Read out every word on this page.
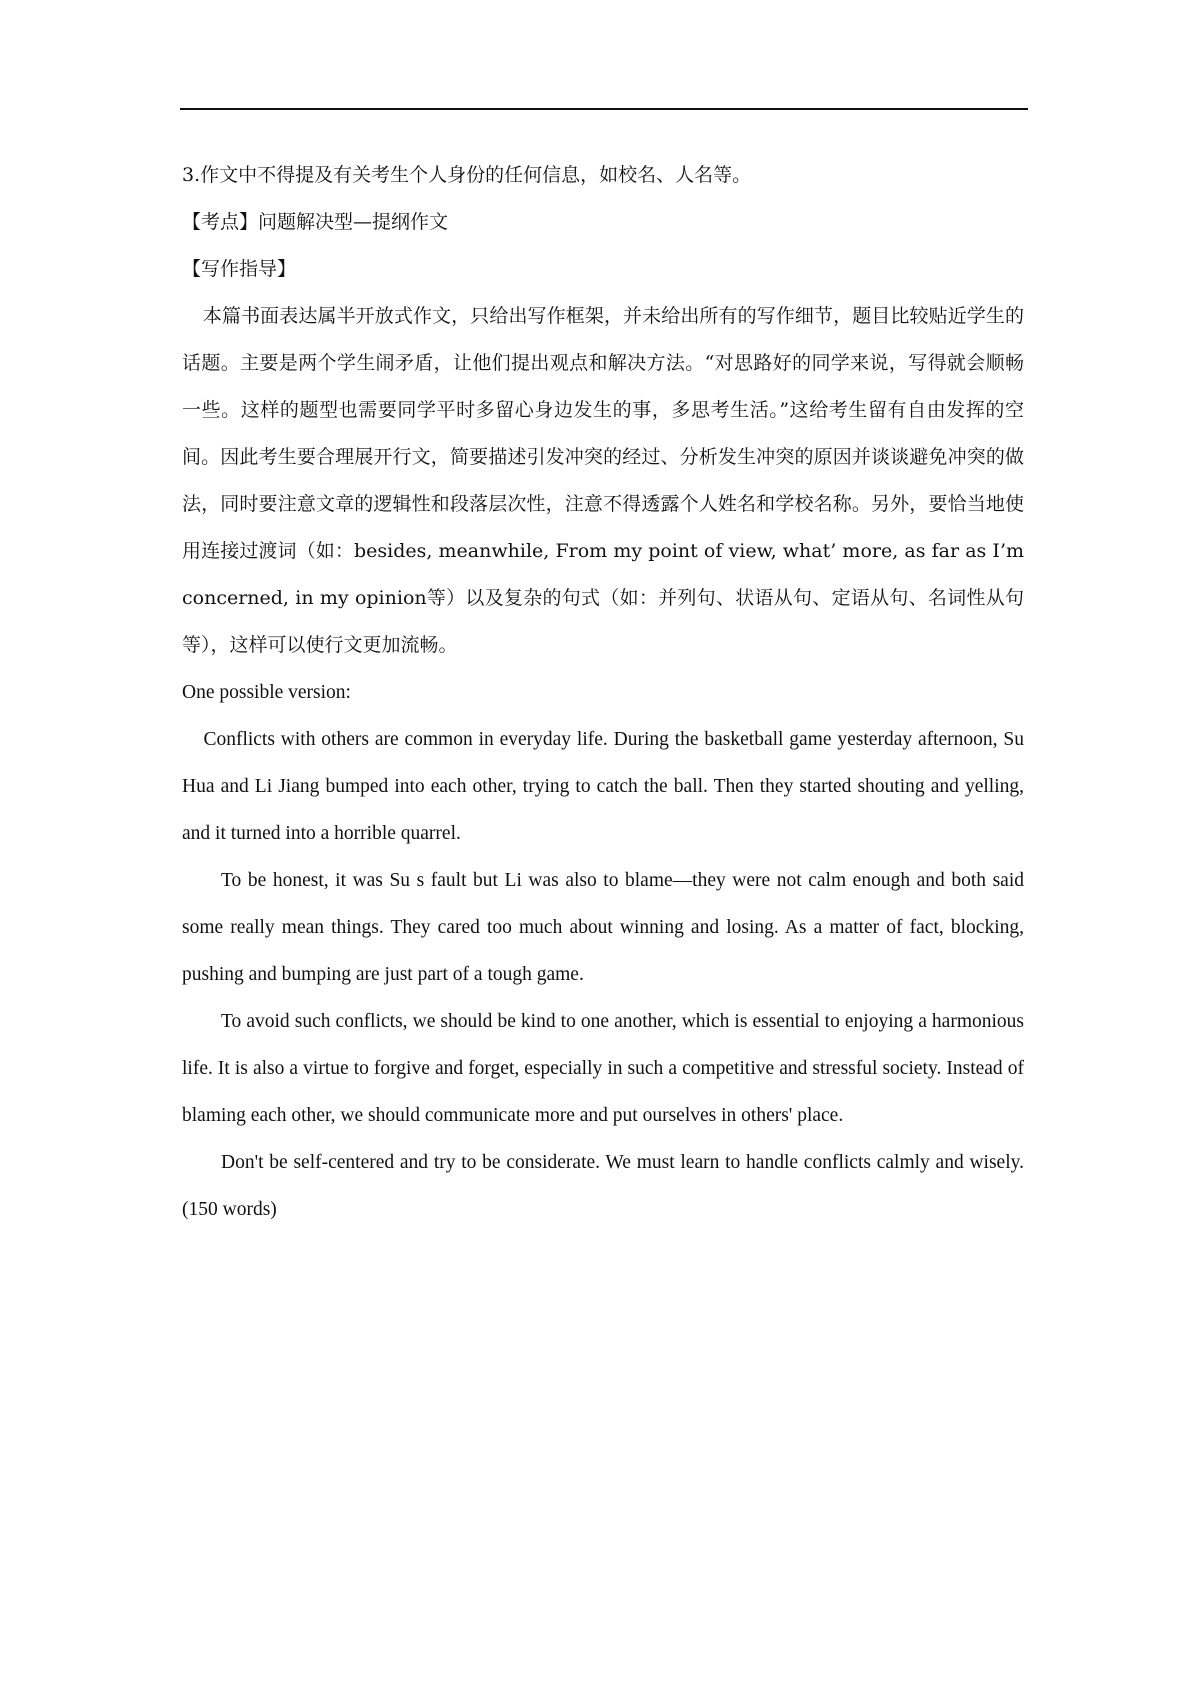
3.作文中不得提及有关考生个人身份的任何信息，如校名、人名等。

【考点】问题解决型—提纲作文

【写作指导】

本篇书面表达属半开放式作文，只给出写作框架，并未给出所有的写作细节，题目比较贴近学生的话题。主要是两个学生闹矛盾，让他们提出观点和解决方法。“对思路好的同学来说，写得就会顺畅一些。这样的题型也需要同学平时多留心身边发生的事，多思考生活。”这给考生留有自由发挥的空间。因此考生要合理展开行文，简要描述引发冲突的经过、分析发生冲突的原因并谈谈避免冲突的做法，同时要注意文章的逻辑性和段落层次性，注意不得透露个人姓名和学校名称。另外，要恰当地使用连接过渡词（如：besides, meanwhile, From my point of view, what’ more, as far as I’m concerned, in my opinion等）以及复杂的句式（如：并列句、状语从句、定语从句、名词性从句等），这样可以使行文更加流畅。

One possible version:

Conflicts with others are common in everyday life. During the basketball game yesterday afternoon, Su Hua and Li Jiang bumped into each other, trying to catch the ball. Then they started shouting and yelling, and it turned into a horrible quarrel.

To be honest, it was Su s fault but Li was also to blame—they were not calm enough and both said some really mean things. They cared too much about winning and losing. As a matter of fact, blocking, pushing and bumping are just part of a tough game.

To avoid such conflicts, we should be kind to one another, which is essential to enjoying a harmonious life. It is also a virtue to forgive and forget, especially in such a competitive and stressful society. Instead of blaming each other, we should communicate more and put ourselves in others' place.

Don't be self-centered and try to be considerate. We must learn to handle conflicts calmly and wisely.(150 words)
